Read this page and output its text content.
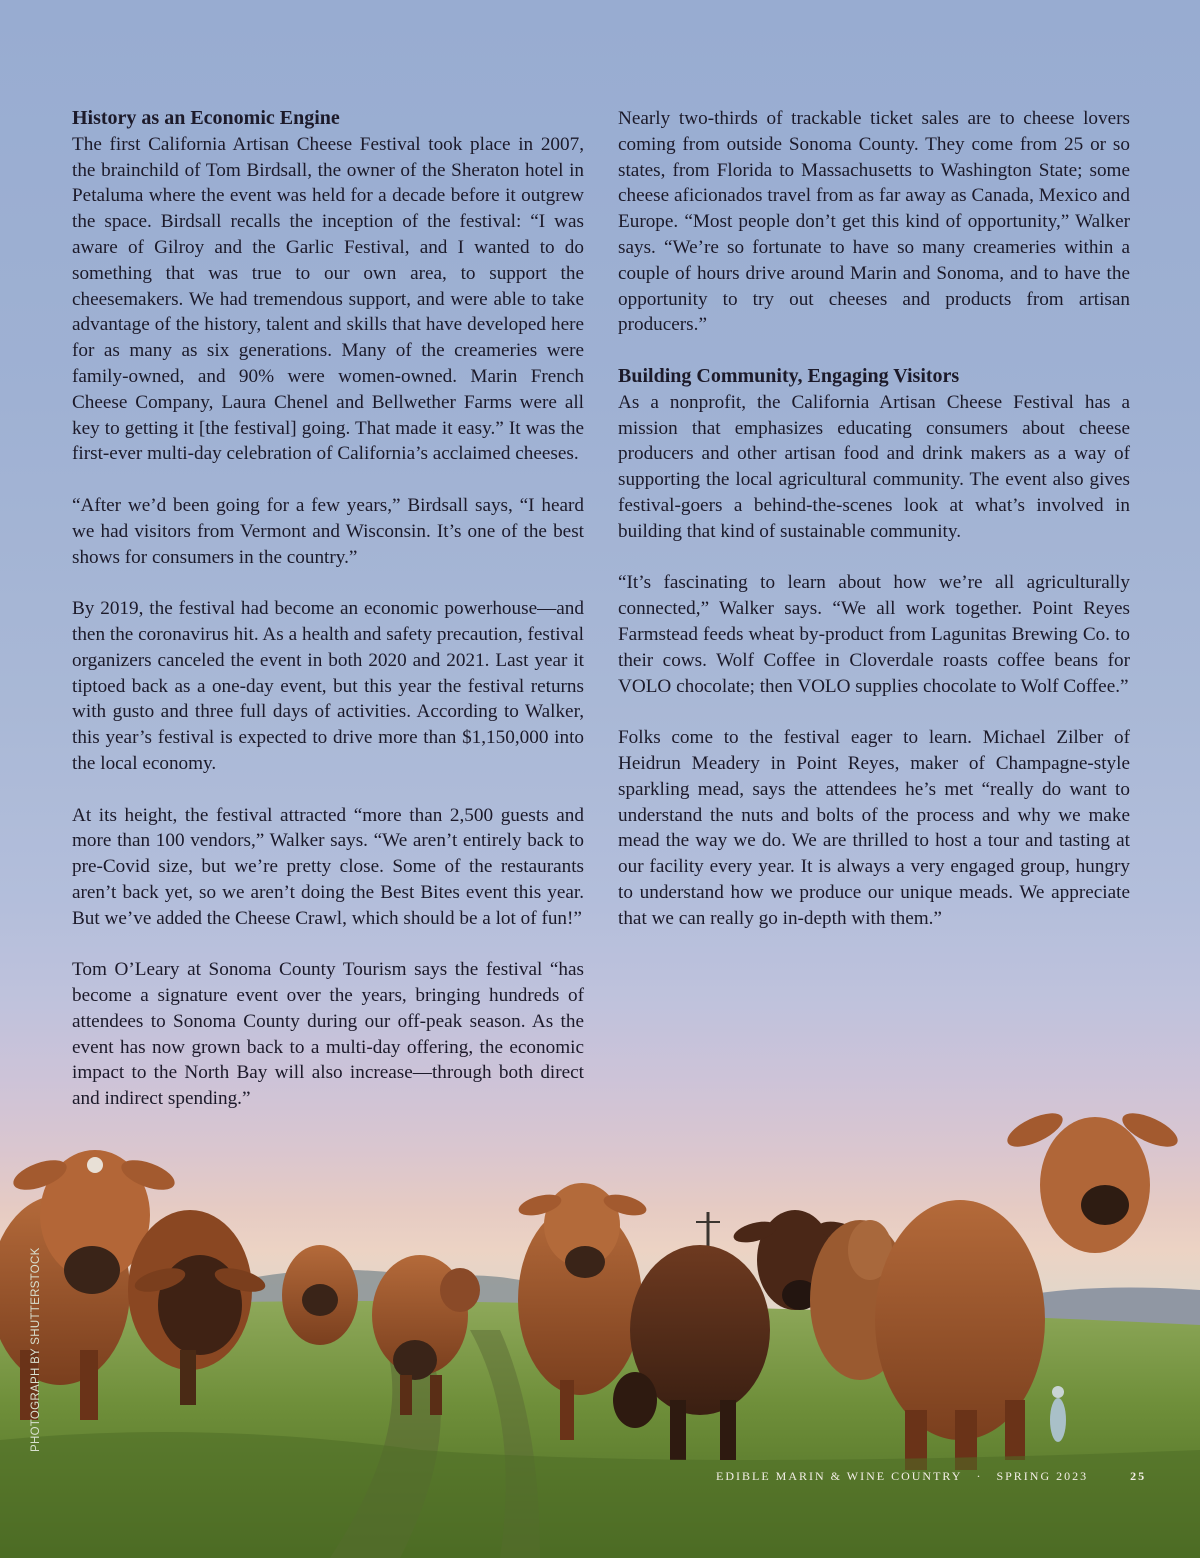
History as an Economic Engine

The first California Artisan Cheese Festival took place in 2007, the brainchild of Tom Birdsall, the owner of the Sheraton hotel in Petaluma where the event was held for a decade before it outgrew the space. Birdsall recalls the inception of the festival: “I was aware of Gilroy and the Garlic Festival, and I wanted to do something that was true to our own area, to support the cheesemakers. We had tremendous support, and were able to take advantage of the history, talent and skills that have developed here for as many as six generations. Many of the creameries were family-owned, and 90% were women-owned. Marin French Cheese Company, Laura Chenel and Bellwether Farms were all key to getting it [the festival] going. That made it easy.” It was the first-ever multi-day celebration of California’s acclaimed cheeses.

“After we’d been going for a few years,” Birdsall says, “I heard we had visitors from Vermont and Wisconsin. It’s one of the best shows for consumers in the country.”

By 2019, the festival had become an economic powerhouse—and then the coronavirus hit. As a health and safety precaution, festival organizers canceled the event in both 2020 and 2021. Last year it tiptoed back as a one-day event, but this year the festival returns with gusto and three full days of activities. According to Walker, this year’s festival is expected to drive more than $1,150,000 into the local economy.

At its height, the festival attracted “more than 2,500 guests and more than 100 vendors,” Walker says. “We aren’t entirely back to pre-Covid size, but we’re pretty close. Some of the restaurants aren’t back yet, so we aren’t doing the Best Bites event this year. But we’ve added the Cheese Crawl, which should be a lot of fun!”

Tom O’Leary at Sonoma County Tourism says the festival “has become a signature event over the years, bringing hundreds of attendees to Sonoma County during our off-peak season. As the event has now grown back to a multi-day offering, the economic impact to the North Bay will also increase—through both direct and indirect spending.”

Nearly two-thirds of trackable ticket sales are to cheese lovers coming from outside Sonoma County. They come from 25 or so states, from Florida to Massachusetts to Washington State; some cheese aficionados travel from as far away as Canada, Mexico and Europe. “Most people don’t get this kind of opportunity,” Walker says. “We’re so fortunate to have so many creameries within a couple of hours drive around Marin and Sonoma, and to have the opportunity to try out cheeses and products from artisan producers.”

Building Community, Engaging Visitors

As a nonprofit, the California Artisan Cheese Festival has a mission that emphasizes educating consumers about cheese producers and other artisan food and drink makers as a way of supporting the local agricultural community. The event also gives festival-goers a behind-the-scenes look at what’s involved in building that kind of sustainable community.

“It’s fascinating to learn about how we’re all agriculturally connected,” Walker says. “We all work together. Point Reyes Farmstead feeds wheat by-product from Lagunitas Brewing Co. to their cows. Wolf Coffee in Cloverdale roasts coffee beans for VOLO chocolate; then VOLO supplies chocolate to Wolf Coffee.”

Folks come to the festival eager to learn. Michael Zilber of Heidrun Meadery in Point Reyes, maker of Champagne-style sparkling mead, says the attendees he’s met “really do want to understand the nuts and bolts of the process and why we make mead the way we do. We are thrilled to host a tour and tasting at our facility every year. It is always a very engaged group, hungry to understand how we produce our unique meads. We appreciate that we can really go in-depth with them.”

PHOTOGRAPH BY SHUTTERSTOCK
EDIBLE MARIN & WINE COUNTRY · SPRING 2023	25
